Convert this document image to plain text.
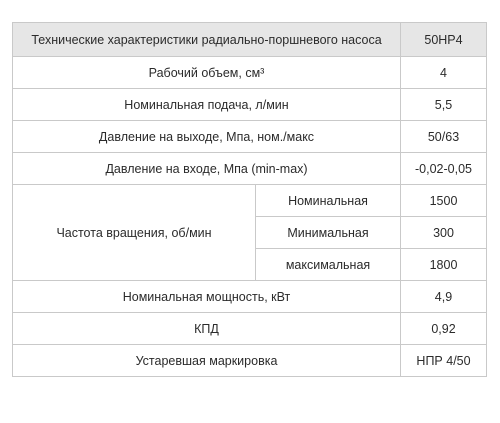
Технические характеристики радиально-поршневого насоса		50НР4
Рабочий объем, см³		4
Номинальная подача, л/мин		5,5
Давление на выходе, Мпа, ном./макс		50/63
Давление на входе, Мпа (min-max)		-0,02-0,05
Частота вращения, об/мин	Номинальная	1500
	Минимальная	300
	максимальная	1800
Номинальная мощность, кВт		4,9
КПД		0,92
Устаревшая маркировка		НПР 4/50
